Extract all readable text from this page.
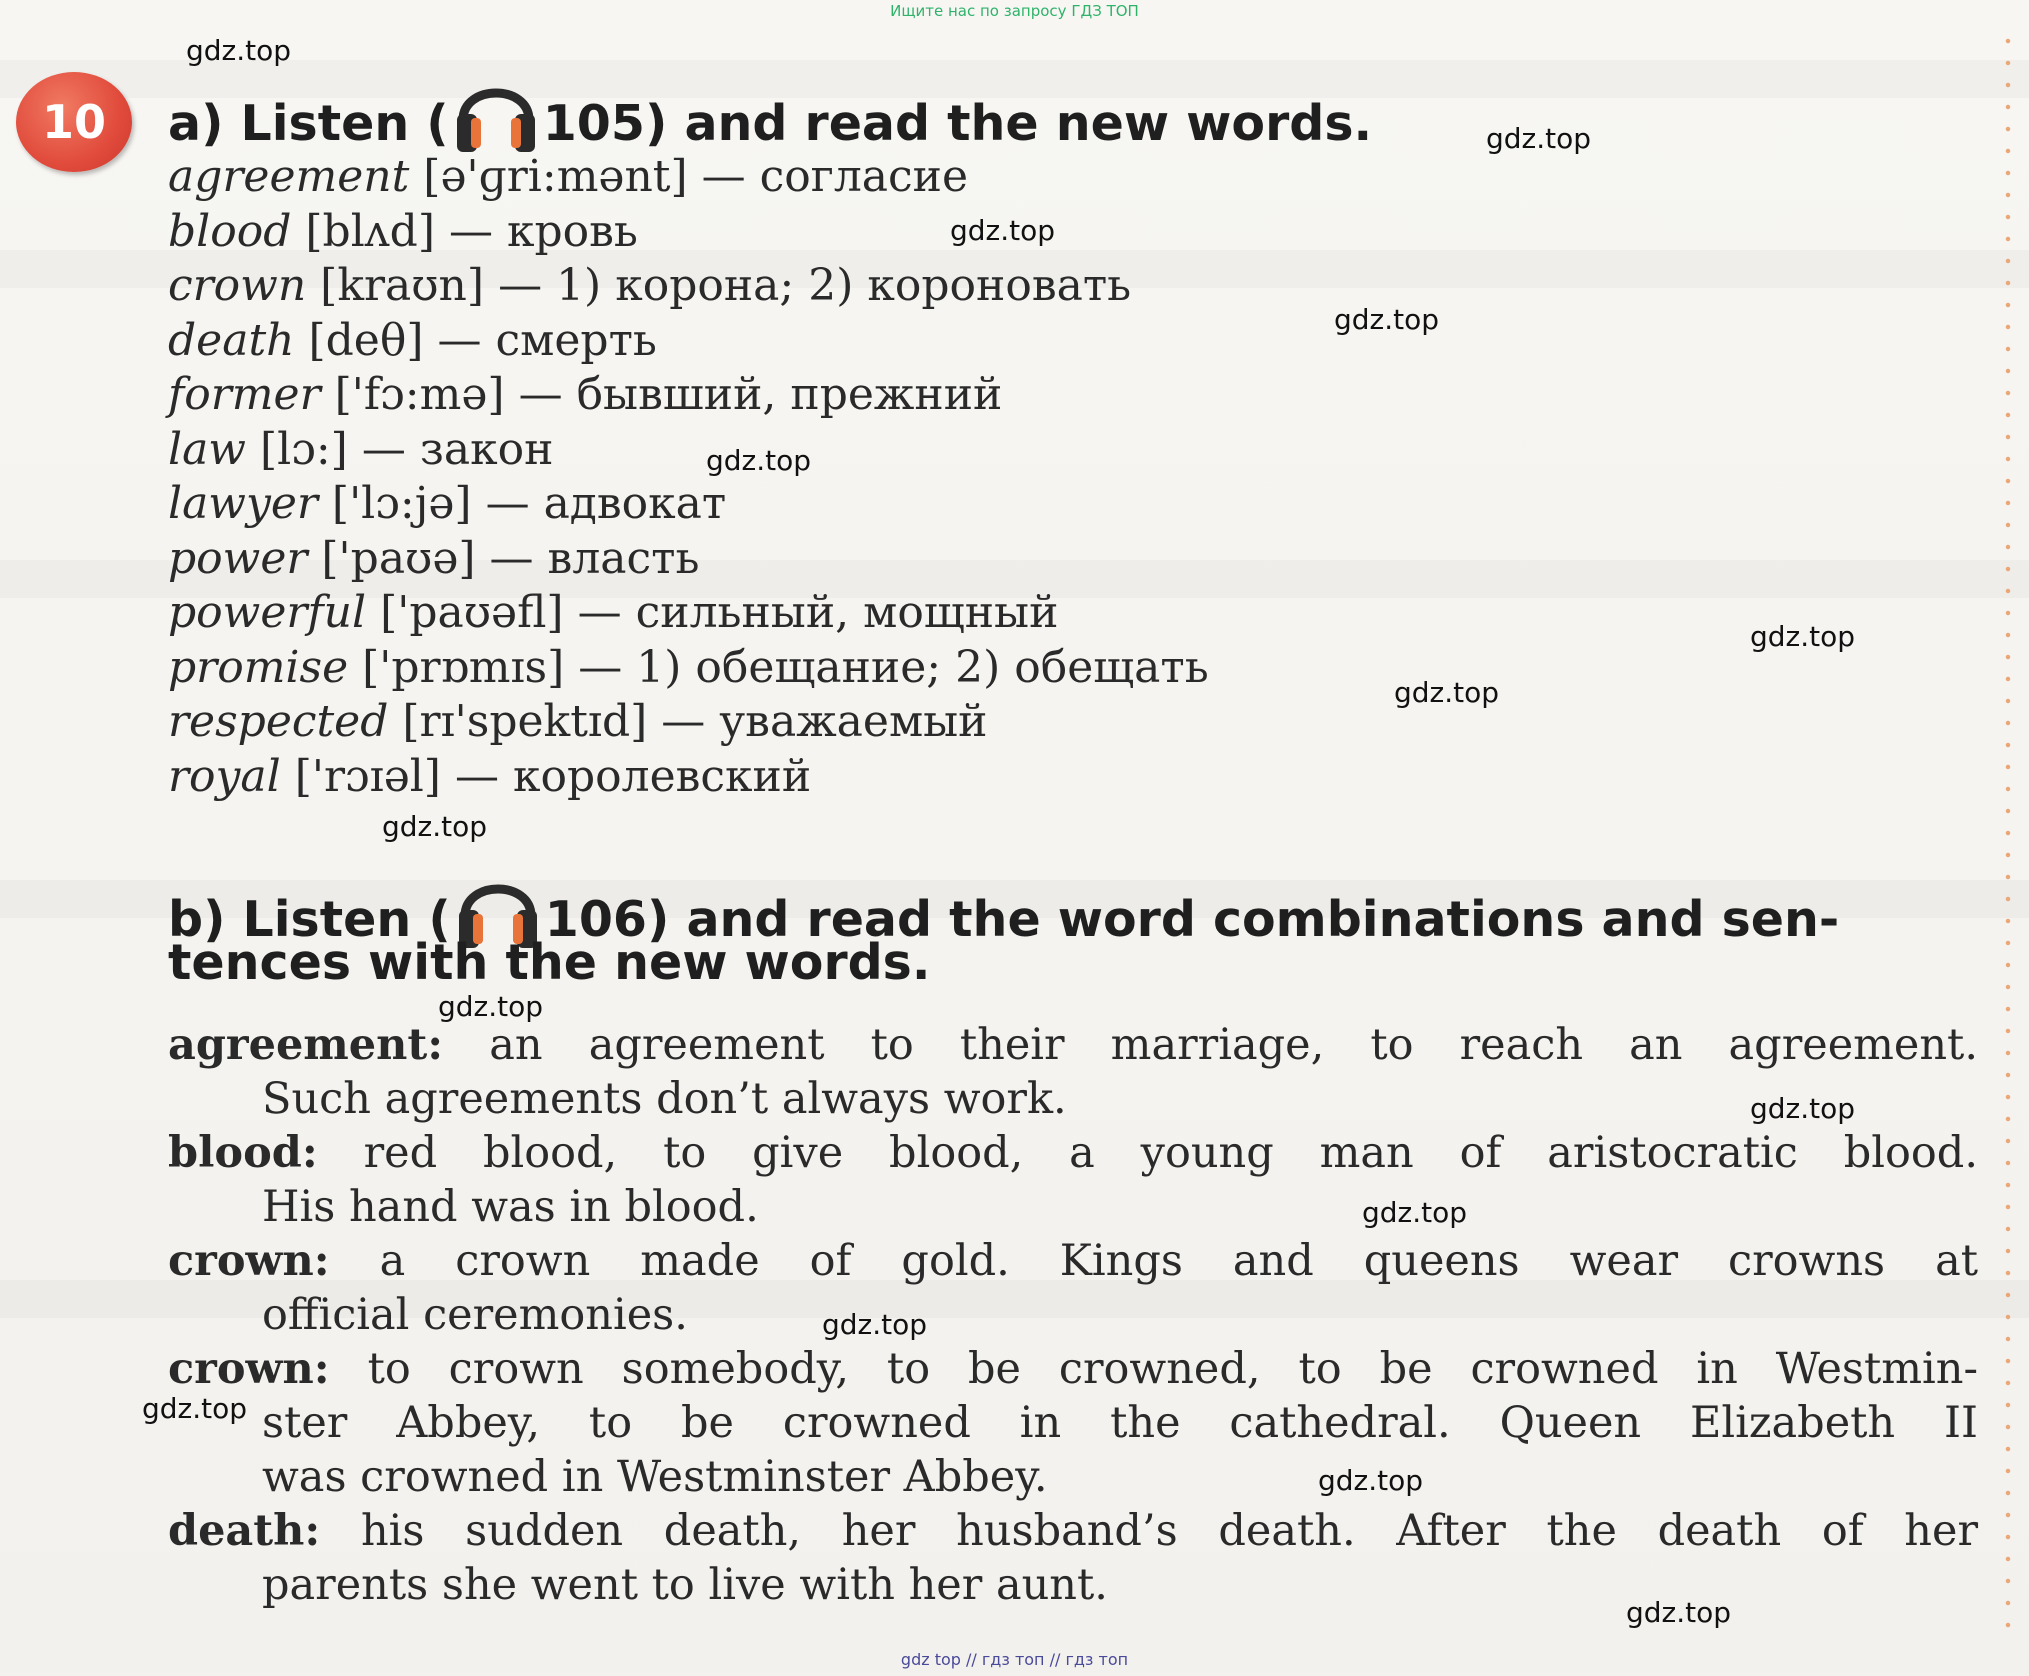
Ищите нас по запросу ГДЗ ТОП
10	a) Listen ( 105) and read the new words.
agreement [ə'ɡri:mənt] — согласие
blood [blʌd] — кровь
crown [kraʊn] — 1) корона; 2) короновать
death [deθ] — смерть
former ['fɔ:mə] — бывший, прежний
law [lɔ:] — закон
lawyer ['lɔ:jə] — адвокат
power ['paʊə] — власть
powerful ['paʊəfl] — сильный, мощный
promise ['prɒmɪs] — 1) обещание; 2) обещать
respected [rɪ'spektɪd] — уважаемый
royal ['rɔɪəl] — королевский
b) Listen ( 106) and read the word combinations and sen-
tences with the new words.
agreement: an agreement to their marriage, to reach an agreement.
Such agreements don’t always work.
blood: red blood, to give blood, a young man of aristocratic blood.
His hand was in blood.
crown: a crown made of gold. Kings and queens wear crowns at
official ceremonies.
crown: to crown somebody, to be crowned, to be crowned in Westmin-
ster Abbey, to be crowned in the cathedral. Queen Elizabeth II
was crowned in Westminster Abbey.
death: his sudden death, her husband’s death. After the death of her
parents she went to live with her aunt.
gdz.top
gdz.top
gdz.top
gdz.top
gdz.top
gdz.top
gdz.top
gdz.top
gdz.top
gdz.top
gdz.top
gdz.top
gdz.top
gdz.top
gdz.top
gdz top // гдз топ // гдз топ
